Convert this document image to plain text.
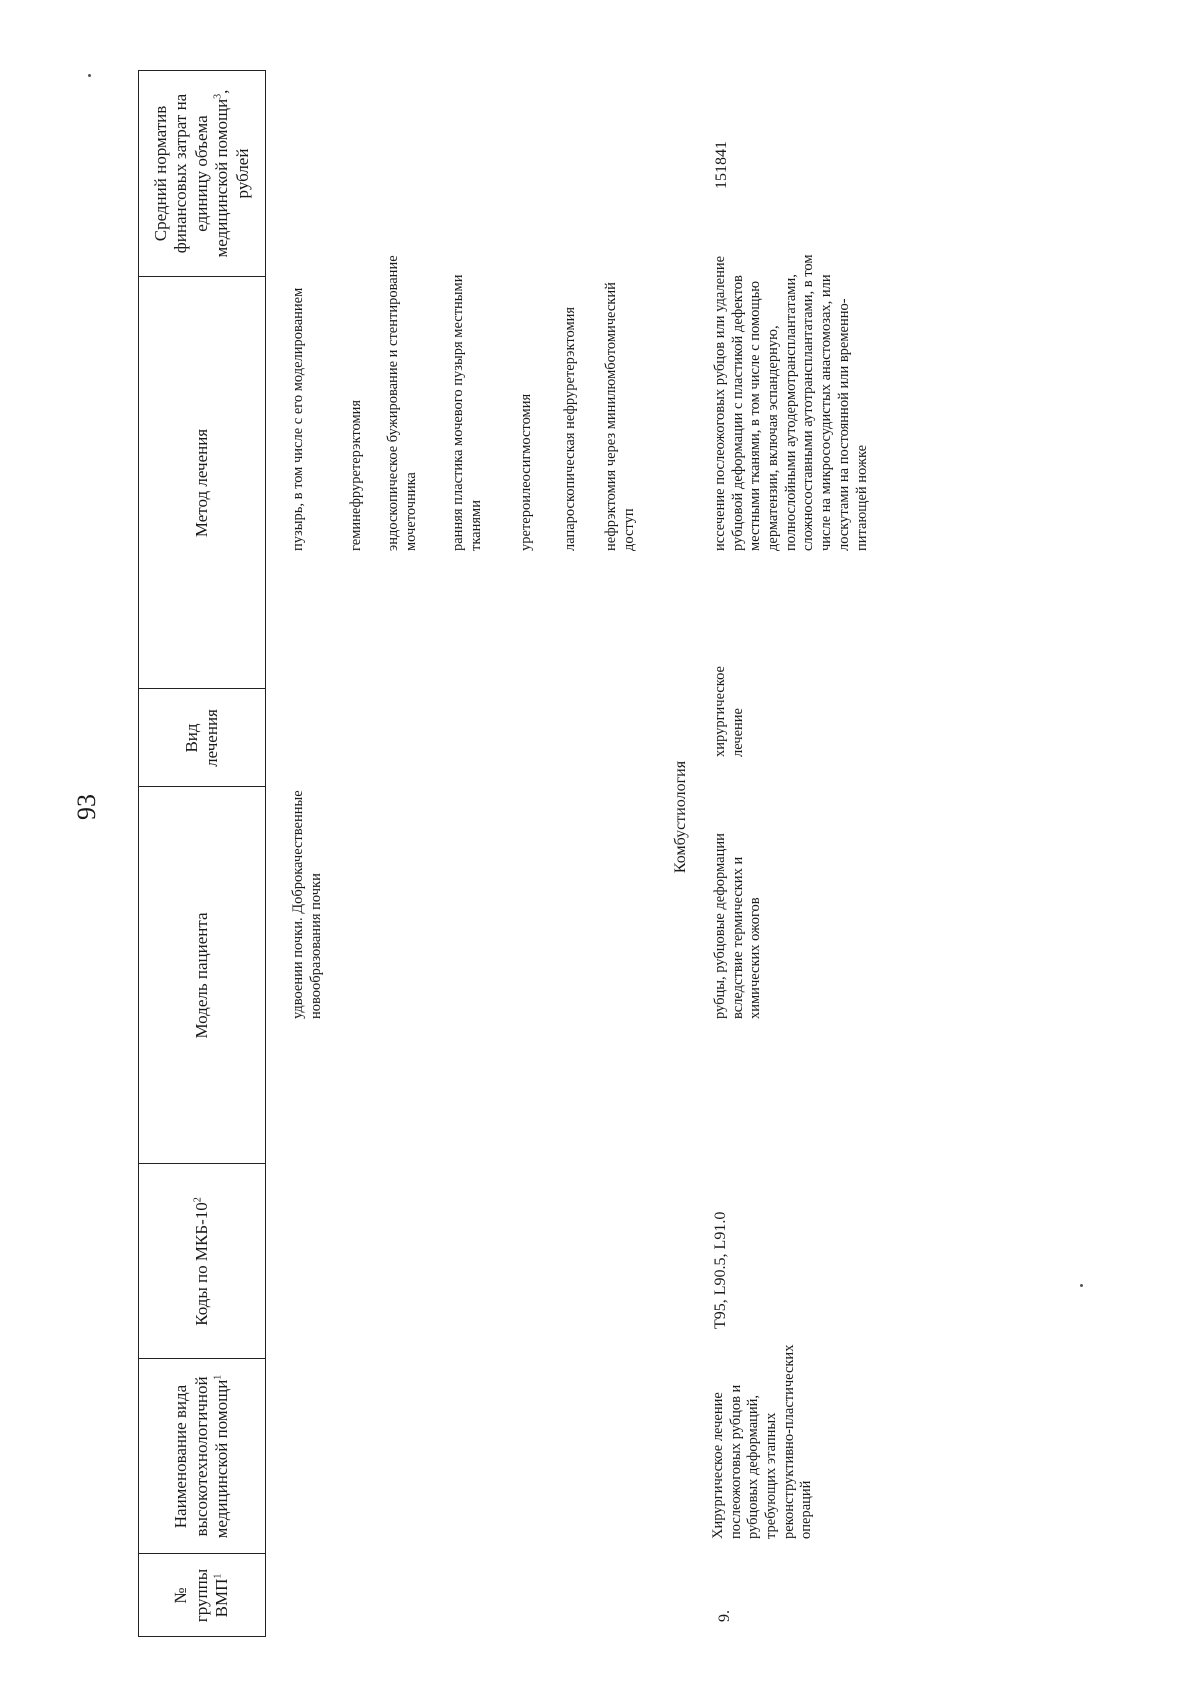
93
№ группы ВМП$^1$
Наименование вида высокотехнологичной медицинской помощи$^1$
Коды по МКБ-$10^2$
Модель пациента
Вид лечения
Метод лечения
Средний норматив финансовых затрат на единицу объема медицинской помощи$^3$, рублей
удвоении почки. Доброкачественные новообразования почки
пузырь, в том числе с его моделированием	геминефруретерэктомия эндоскопическое бужирование и стентирование мочеточника ранняя пластика мочевого пузыря местными тканями уретероилеосигмостомия лапароскопическая нефруретерэктомия нефрэктомия через минилюмботомический доступ
Комбустиология
9.
Хирургическое лечение послеожоговых рубцов и рубцовых деформаций, требующих этапных реконструктивно-пластических операций
T95, L90.5, L91.0
рубцы, рубцовые деформации вследствие термических и химических ожогов
хирургическое лечение
иссечение послеожоговых рубцов или удаление рубцовой деформации с пластикой дефектов местными тканями, в том числе с помощью дерматензии, включая эспандерную, полнослойными аутодермотрансплантатами, сложносоставными аутотрансплантатами, в том числе на микрососудистых анастомозах, или лоскутами на постоянной или временно-питающей ножке
151841
